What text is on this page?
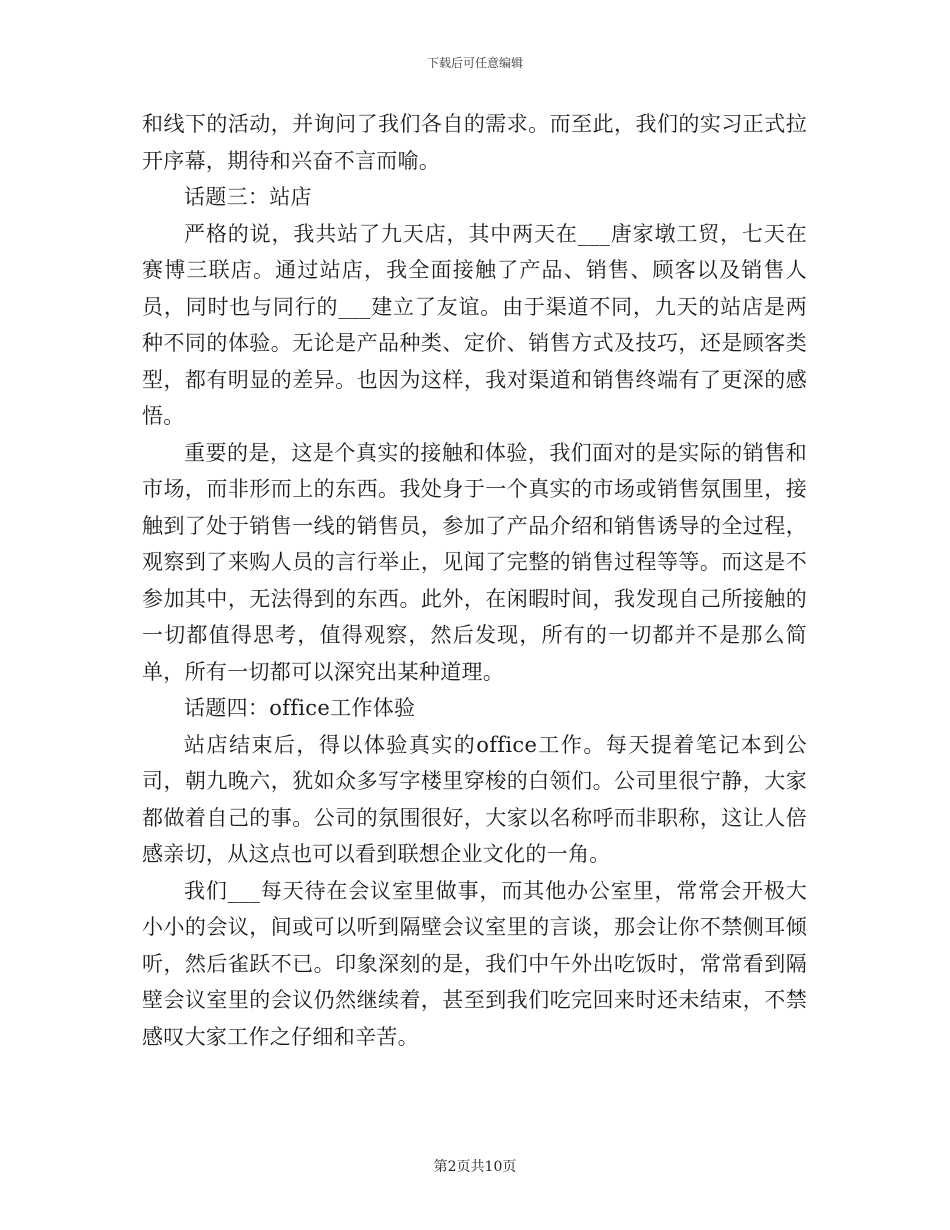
下载后可任意编辑

和线下的活动，并询问了我们各自的需求。而至此，我们的实习正式拉开序幕，期待和兴奋不言而喻。

话题三：站店

严格的说，我共站了九天店，其中两天在___唐家墩工贸，七天在赛博三联店。通过站店，我全面接触了产品、销售、顾客以及销售人员，同时也与同行的___建立了友谊。由于渠道不同，九天的站店是两种不同的体验。无论是产品种类、定价、销售方式及技巧，还是顾客类型，都有明显的差异。也因为这样，我对渠道和销售终端有了更深的感悟。

重要的是，这是个真实的接触和体验，我们面对的是实际的销售和市场，而非形而上的东西。我处身于一个真实的市场或销售氛围里，接触到了处于销售一线的销售员，参加了产品介绍和销售诱导的全过程，观察到了来购人员的言行举止，见闻了完整的销售过程等等。而这是不参加其中，无法得到的东西。此外，在闲暇时间，我发现自己所接触的一切都值得思考，值得观察，然后发现，所有的一切都并不是那么简单，所有一切都可以深究出某种道理。

话题四：office工作体验

站店结束后，得以体验真实的office工作。每天提着笔记本到公司，朝九晚六，犹如众多写字楼里穿梭的白领们。公司里很宁静，大家都做着自己的事。公司的氛围很好，大家以名称呼而非职称，这让人倍感亲切，从这点也可以看到联想企业文化的一角。

我们___每天待在会议室里做事，而其他办公室里，常常会开极大小小的会议，间或可以听到隔壁会议室里的言谈，那会让你不禁侧耳倾听，然后雀跃不已。印象深刻的是，我们中午外出吃饭时，常常看到隔壁会议室里的会议仍然继续着，甚至到我们吃完回来时还未结束，不禁感叹大家工作之仔细和辛苦。

第2页共10页
